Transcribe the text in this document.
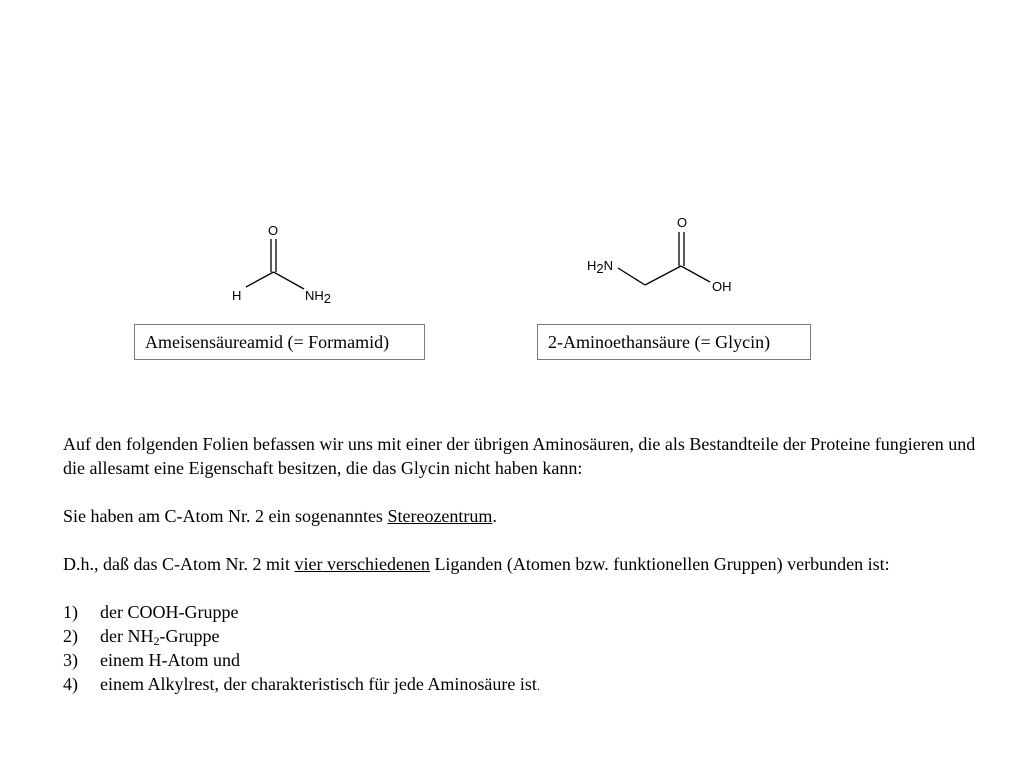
O
H	NH2
O
H2N
OH
Ameisensäureamid (= Formamid)	2-Aminoethansäure (= Glycin)

Auf den folgenden Folien befassen wir uns mit einer der übrigen Aminosäuren, die als Bestandteile der Proteine fungieren und die allesamt eine Eigenschaft besitzen, die das Glycin nicht haben kann:

Sie haben am C-Atom Nr. 2 ein sogenanntes Stereozentrum.

D.h., daß das C-Atom Nr. 2 mit vier verschiedenen Liganden (Atomen bzw. funktionellen Gruppen) verbunden ist:

1)	der COOH-Gruppe
2)	der $NH_2$-Gruppe
3)	einem H-Atom und
4)	einem Alkylrest, der charakteristisch für jede Aminosäure ist.
